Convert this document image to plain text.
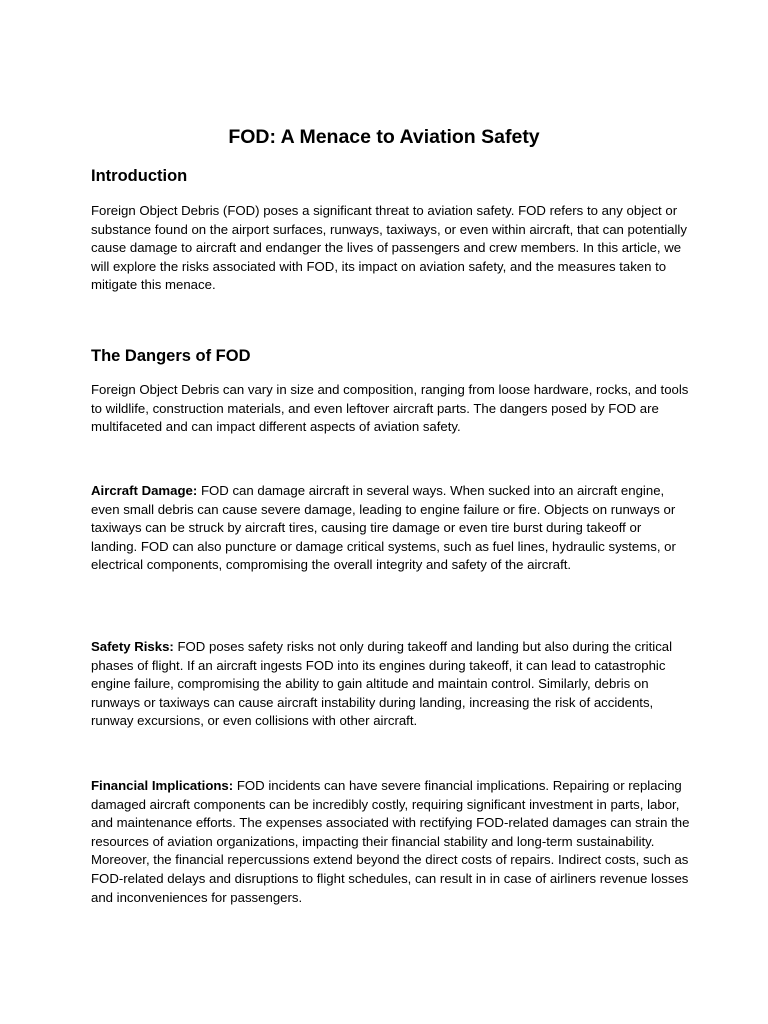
FOD: A Menace to Aviation Safety
Introduction

Foreign Object Debris (FOD) poses a significant threat to aviation safety. FOD refers to any object or substance found on the airport surfaces, runways, taxiways, or even within aircraft, that can potentially cause damage to aircraft and endanger the lives of passengers and crew members. In this article, we will explore the risks associated with FOD, its impact on aviation safety, and the measures taken to mitigate this menace.

The Dangers of FOD

Foreign Object Debris can vary in size and composition, ranging from loose hardware, rocks, and tools to wildlife, construction materials, and even leftover aircraft parts. The dangers posed by FOD are multifaceted and can impact different aspects of aviation safety.

Aircraft Damage: FOD can damage aircraft in several ways. When sucked into an aircraft engine, even small debris can cause severe damage, leading to engine failure or fire. Objects on runways or taxiways can be struck by aircraft tires, causing tire damage or even tire burst during takeoff or landing. FOD can also puncture or damage critical systems, such as fuel lines, hydraulic systems, or electrical components, compromising the overall integrity and safety of the aircraft.

Safety Risks: FOD poses safety risks not only during takeoff and landing but also during the critical phases of flight. If an aircraft ingests FOD into its engines during takeoff, it can lead to catastrophic engine failure, compromising the ability to gain altitude and maintain control. Similarly, debris on runways or taxiways can cause aircraft instability during landing, increasing the risk of accidents, runway excursions, or even collisions with other aircraft.

Financial Implications: FOD incidents can have severe financial implications. Repairing or replacing damaged aircraft components can be incredibly costly, requiring significant investment in parts, labor, and maintenance efforts. The expenses associated with rectifying FOD-related damages can strain the resources of aviation organizations, impacting their financial stability and long-term sustainability. Moreover, the financial repercussions extend beyond the direct costs of repairs. Indirect costs, such as FOD-related delays and disruptions to flight schedules, can result in in case of airliners revenue losses and inconveniences for passengers.
